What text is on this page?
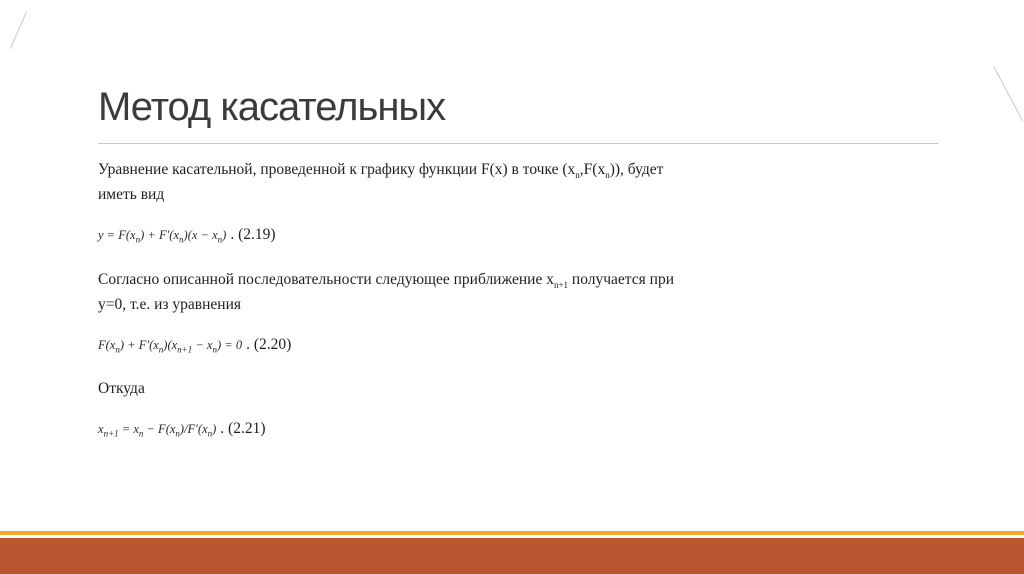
Метод касательных

Уравнение касательной, проведенной к графику функции F(x) в точке $(x_n,F(x_n))$, будет
иметь вид

$y = F(x_n) + F'(x_n)(x - x_n)$ . (2.19)

Согласно описанной последовательности следующее приближение $x_{n+1}$ получается при
y=0, т.е. из уравнения

$F(x_n) + F'(x_n)(x_{n+1} - x_n) = 0$ . (2.20)

Откуда

$x_{n+1} = x_n - F(x_n)/F'(x_n)$ . (2.21)
